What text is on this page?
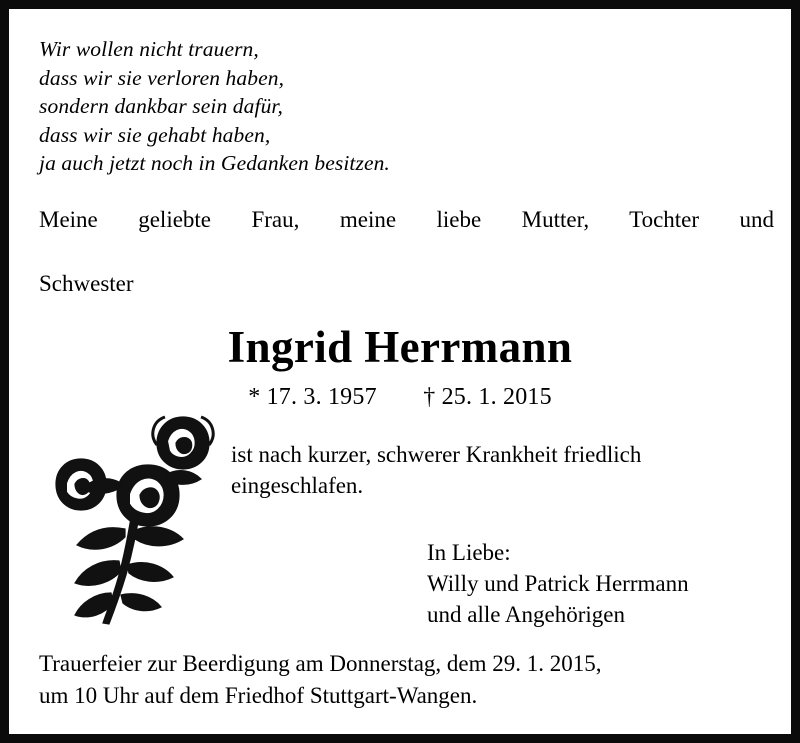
Wir wollen nicht trauern,
dass wir sie verloren haben,
sondern dankbar sein dafür,
dass wir sie gehabt haben,
ja auch jetzt noch in Gedanken besitzen.
Meine geliebte Frau, meine liebe Mutter, Tochter und
Schwester
Ingrid Herrmann
* 17. 3. 1957 † 25. 1. 2015
ist nach kurzer, schwerer Krankheit friedlich
eingeschlafen.
In Liebe:
Willy und Patrick Herrmann
und alle Angehörigen
Trauerfeier zur Beerdigung am Donnerstag, dem 29. 1. 2015,
um 10 Uhr auf dem Friedhof Stuttgart-Wangen.
